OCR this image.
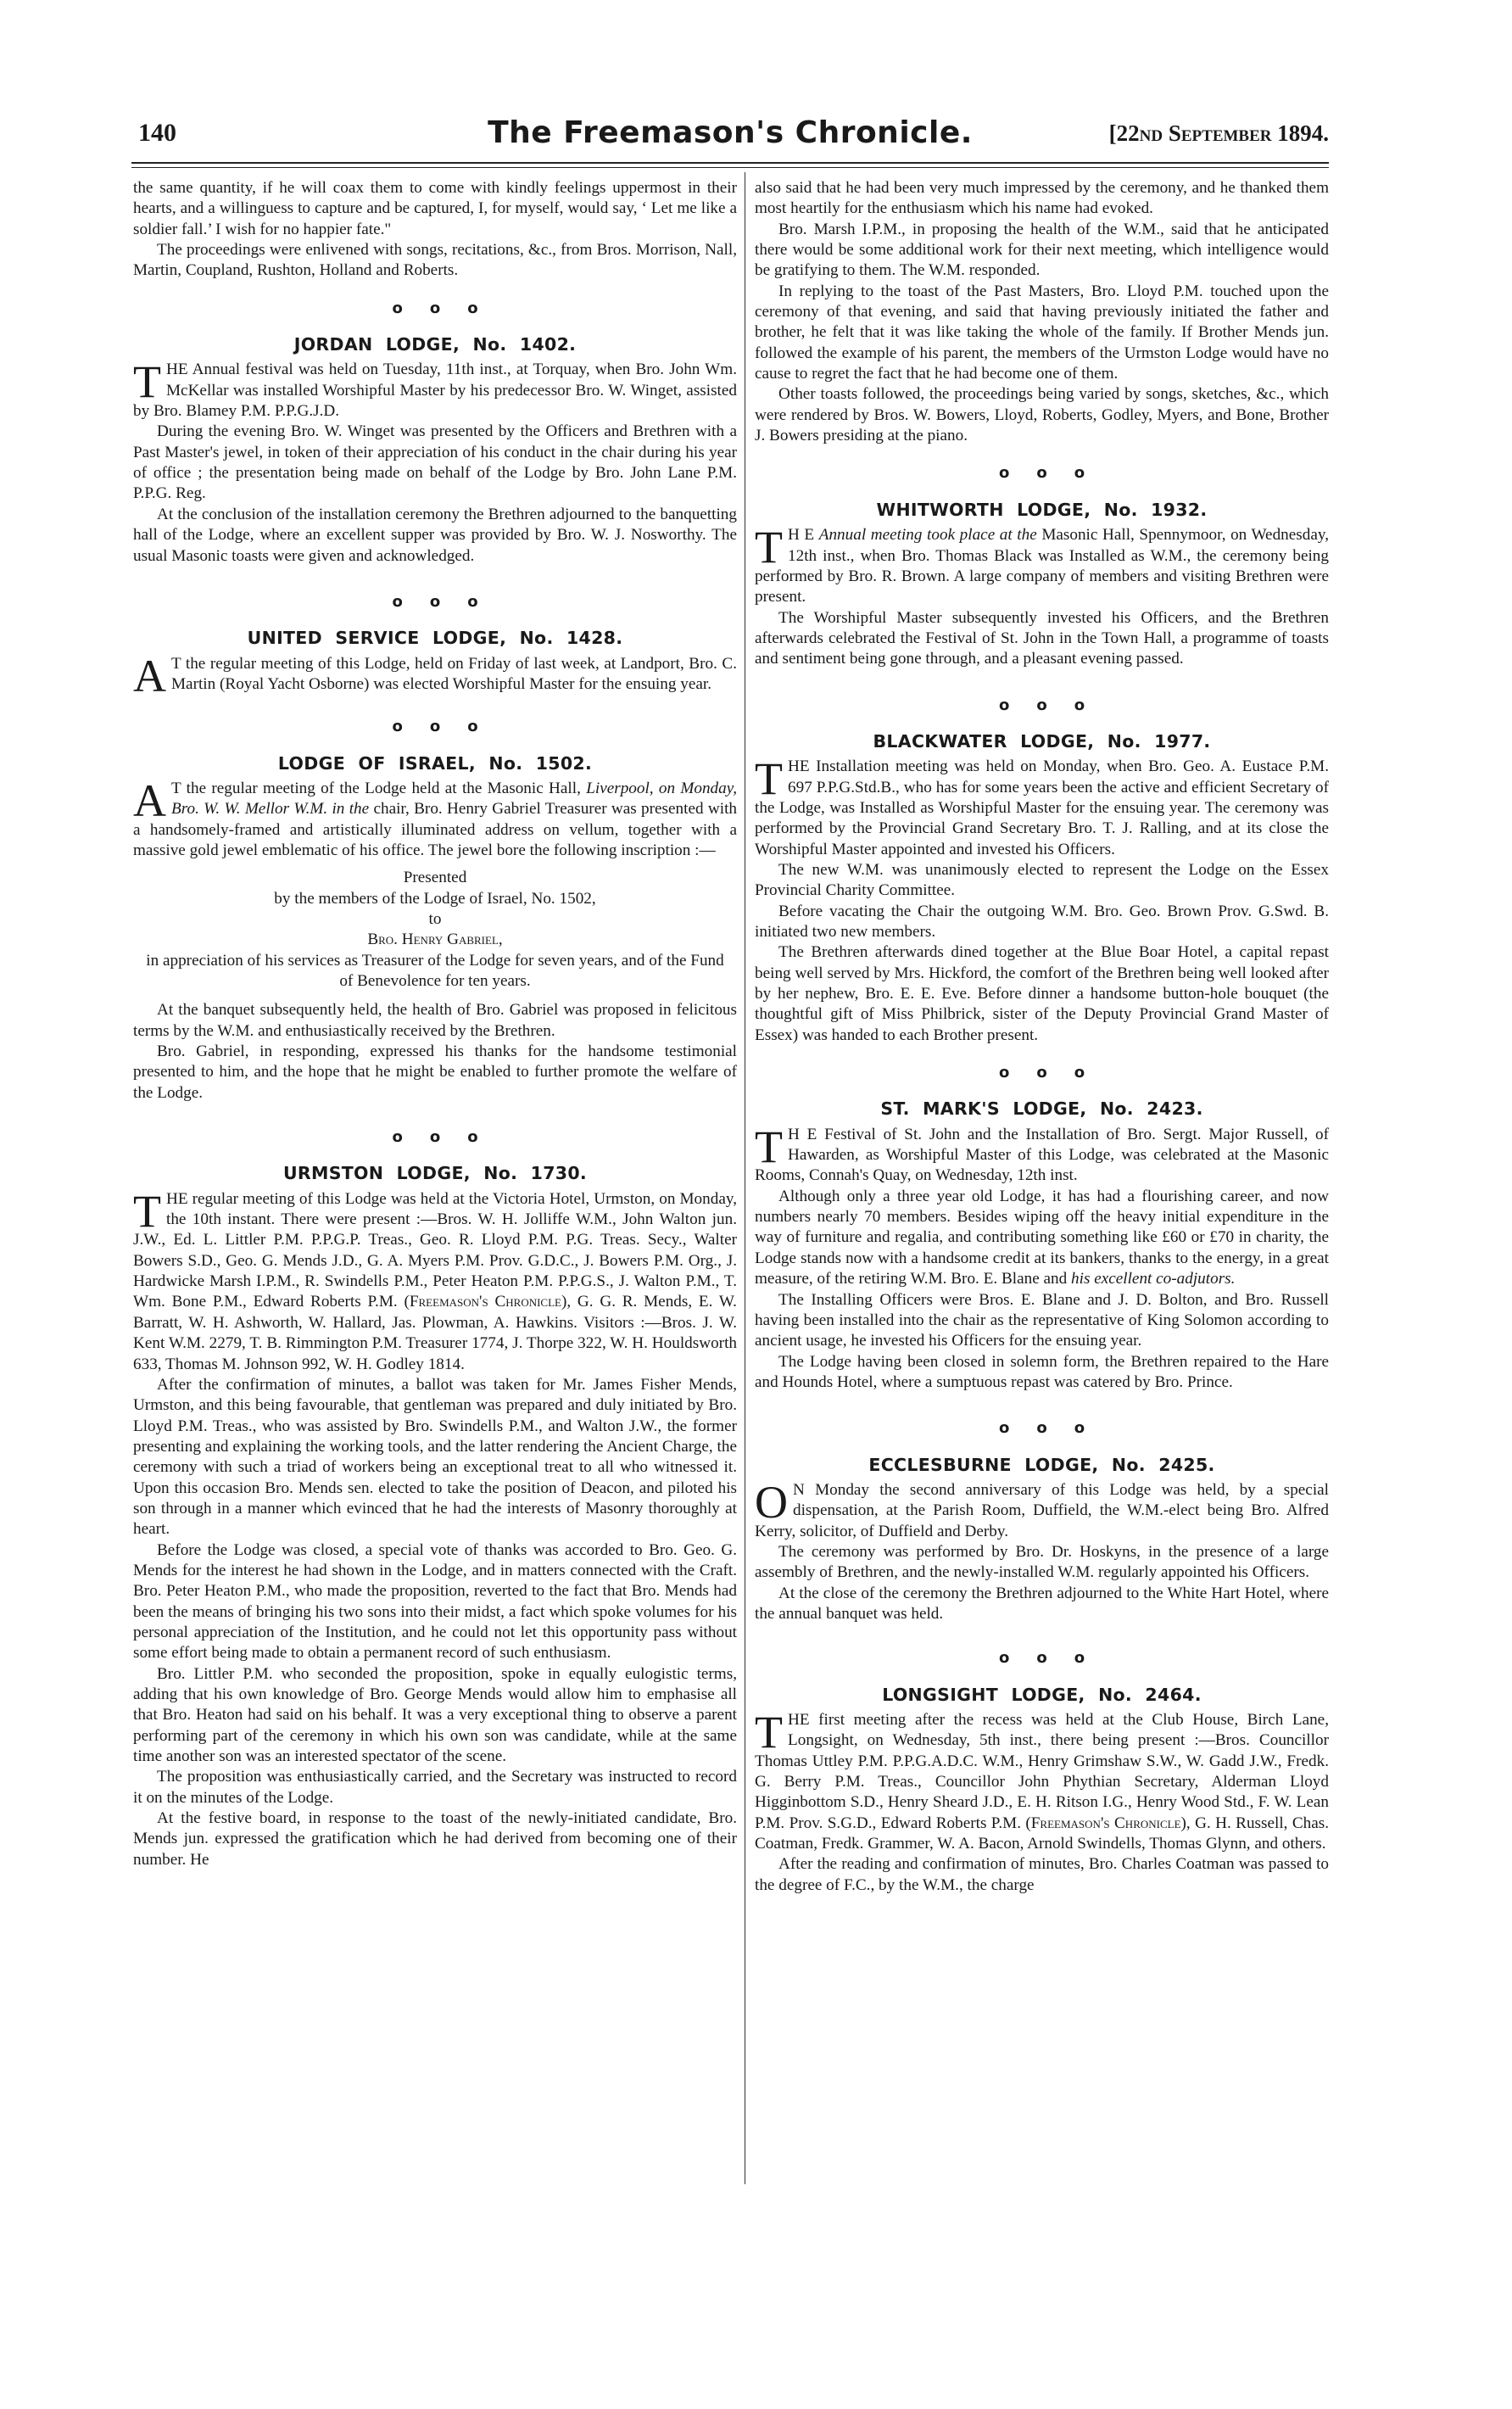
140	The Freemason's Chronicle.	[22nd September 1894.

the same quantity, if he will coax them to come with kindly feelings uppermost in their hearts, and a willinguess to capture and be captured, I, for myself, would say, ‘ Let me like a soldier fall.’ I wish for no happier fate."

The proceedings were enlivened with songs, recitations, &c., from Bros. Morrison, Nall, Martin, Coupland, Rushton, Holland and Roberts.

o o o
JORDAN LODGE, No. 1402.

THE Annual festival was held on Tuesday, 11th inst., at Torquay, when Bro. John Wm. McKellar was installed Worshipful Master by his predecessor Bro. W. Winget, assisted by Bro. Blamey P.M. P.P.G.J.D.

During the evening Bro. W. Winget was presented by the Officers and Brethren with a Past Master's jewel, in token of their appreciation of his conduct in the chair during his year of office ; the presentation being made on behalf of the Lodge by Bro. John Lane P.M. P.P.G. Reg.

At the conclusion of the installation ceremony the Brethren adjourned to the banquetting hall of the Lodge, where an excellent supper was provided by Bro. W. J. Nosworthy. The usual Masonic toasts were given and acknowledged.

o o o
UNITED SERVICE LODGE, No. 1428.

A T the regular meeting of this Lodge, held on Friday of last week, at Landport, Bro. C. Martin (Royal Yacht Osborne) was elected Worshipful Master for the ensuing year.

o o o
LODGE OF ISRAEL, No. 1502.

A T the regular meeting of the Lodge held at the Masonic Hall, Liverpool, on Monday, Bro. W. W. Mellor W.M. in the chair, Bro. Henry Gabriel Treasurer was presented with a handsomely-framed and artistically illuminated address on vellum, together with a massive gold jewel emblematic of his office. The jewel bore the following inscription :—

Presented

by the members of the Lodge of Israel, No. 1502,

to

Bro. Henry Gabriel,

in appreciation of his services as Treasurer of the Lodge for seven years, and of the Fund of Benevolence for ten years.

At the banquet subsequently held, the health of Bro. Gabriel was proposed in felicitous terms by the W.M. and enthusiastically received by the Brethren.

Bro. Gabriel, in responding, expressed his thanks for the handsome testimonial presented to him, and the hope that he might be enabled to further promote the welfare of the Lodge.

o o o
URMSTON LODGE, No. 1730.

THE regular meeting of this Lodge was held at the Victoria Hotel, Urmston, on Monday, the 10th instant. There were present :—Bros. W. H. Jolliffe W.M., John Walton jun. J.W., Ed. L. Littler P.M. P.P.G.P. Treas., Geo. R. Lloyd P.M. P.G. Treas. Secy., Walter Bowers S.D., Geo. G. Mends J.D., G. A. Myers P.M. Prov. G.D.C., J. Bowers P.M. Org., J. Hardwicke Marsh I.P.M., R. Swindells P.M., Peter Heaton P.M. P.P.G.S., J. Walton P.M., T. Wm. Bone P.M., Edward Roberts P.M. (Freemason's Chronicle), G. G. R. Mends, E. W. Barratt, W. H. Ashworth, W. Hallard, Jas. Plowman, A. Hawkins. Visitors :—Bros. J. W. Kent W.M. 2279, T. B. Rimmington P.M. Treasurer 1774, J. Thorpe 322, W. H. Houldsworth 633, Thomas M. Johnson 992, W. H. Godley 1814.

After the confirmation of minutes, a ballot was taken for Mr. James Fisher Mends, Urmston, and this being favourable, that gentleman was prepared and duly initiated by Bro. Lloyd P.M. Treas., who was assisted by Bro. Swindells P.M., and Walton J.W., the former presenting and explaining the working tools, and the latter rendering the Ancient Charge, the ceremony with such a triad of workers being an exceptional treat to all who witnessed it. Upon this occasion Bro. Mends sen. elected to take the position of Deacon, and piloted his son through in a manner which evinced that he had the interests of Masonry thoroughly at heart.

Before the Lodge was closed, a special vote of thanks was accorded to Bro. Geo. G. Mends for the interest he had shown in the Lodge, and in matters connected with the Craft. Bro. Peter Heaton P.M., who made the proposition, reverted to the fact that Bro. Mends had been the means of bringing his two sons into their midst, a fact which spoke volumes for his personal appreciation of the Institution, and he could not let this opportunity pass without some effort being made to obtain a permanent record of such enthusiasm.

Bro. Littler P.M. who seconded the proposition, spoke in equally eulogistic terms, adding that his own knowledge of Bro. George Mends would allow him to emphasise all that Bro. Heaton had said on his behalf. It was a very exceptional thing to observe a parent performing part of the ceremony in which his own son was candidate, while at the same time another son was an interested spectator of the scene.

The proposition was enthusiastically carried, and the Secretary was instructed to record it on the minutes of the Lodge.

At the festive board, in response to the toast of the newly-initiated candidate, Bro. Mends jun. expressed the gratification which he had derived from becoming one of their number. He

also said that he had been very much impressed by the ceremony, and he thanked them most heartily for the enthusiasm which his name had evoked.

Bro. Marsh I.P.M., in proposing the health of the W.M., said that he anticipated there would be some additional work for their next meeting, which intelligence would be gratifying to them. The W.M. responded.

In replying to the toast of the Past Masters, Bro. Lloyd P.M. touched upon the ceremony of that evening, and said that having previously initiated the father and brother, he felt that it was like taking the whole of the family. If Brother Mends jun. followed the example of his parent, the members of the Urmston Lodge would have no cause to regret the fact that he had become one of them.

Other toasts followed, the proceedings being varied by songs, sketches, &c., which were rendered by Bros. W. Bowers, Lloyd, Roberts, Godley, Myers, and Bone, Brother J. Bowers presiding at the piano.

o o o
WHITWORTH LODGE, No. 1932.

T H E Annual meeting took place at the Masonic Hall, Spennymoor, on Wednesday, 12th inst., when Bro. Thomas Black was Installed as W.M., the ceremony being performed by Bro. R. Brown. A large company of members and visiting Brethren were present.

The Worshipful Master subsequently invested his Officers, and the Brethren afterwards celebrated the Festival of St. John in the Town Hall, a programme of toasts and sentiment being gone through, and a pleasant evening passed.

o o o
BLACKWATER LODGE, No. 1977.

THE Installation meeting was held on Monday, when Bro. Geo. A. Eustace P.M. 697 P.P.G.Std.B., who has for some years been the active and efficient Secretary of the Lodge, was Installed as Worshipful Master for the ensuing year. The ceremony was performed by the Provincial Grand Secretary Bro. T. J. Ralling, and at its close the Worshipful Master appointed and invested his Officers.

The new W.M. was unanimously elected to represent the Lodge on the Essex Provincial Charity Committee.

Before vacating the Chair the outgoing W.M. Bro. Geo. Brown Prov. G.Swd. B. initiated two new members.

The Brethren afterwards dined together at the Blue Boar Hotel, a capital repast being well served by Mrs. Hickford, the comfort of the Brethren being well looked after by her nephew, Bro. E. E. Eve. Before dinner a handsome button-hole bouquet (the thoughtful gift of Miss Philbrick, sister of the Deputy Provincial Grand Master of Essex) was handed to each Brother present.

o o o
ST. MARK'S LODGE, No. 2423.

T H E Festival of St. John and the Installation of Bro. Sergt. Major Russell, of Hawarden, as Worshipful Master of this Lodge, was celebrated at the Masonic Rooms, Connah's Quay, on Wednesday, 12th inst.

Although only a three year old Lodge, it has had a flourishing career, and now numbers nearly 70 members. Besides wiping off the heavy initial expenditure in the way of furniture and regalia, and contributing something like £60 or £70 in charity, the Lodge stands now with a handsome credit at its bankers, thanks to the energy, in a great measure, of the retiring W.M. Bro. E. Blane and his excellent co-adjutors.

The Installing Officers were Bros. E. Blane and J. D. Bolton, and Bro. Russell having been installed into the chair as the representative of King Solomon according to ancient usage, he invested his Officers for the ensuing year.

The Lodge having been closed in solemn form, the Brethren repaired to the Hare and Hounds Hotel, where a sumptuous repast was catered by Bro. Prince.

o o o
ECCLESBURNE LODGE, No. 2425.

O N Monday the second anniversary of this Lodge was held, by a special dispensation, at the Parish Room, Duffield, the W.M.-elect being Bro. Alfred Kerry, solicitor, of Duffield and Derby.

The ceremony was performed by Bro. Dr. Hoskyns, in the presence of a large assembly of Brethren, and the newly-installed W.M. regularly appointed his Officers.

At the close of the ceremony the Brethren adjourned to the White Hart Hotel, where the annual banquet was held.

o o o
LONGSIGHT LODGE, No. 2464.

THE first meeting after the recess was held at the Club House, Birch Lane, Longsight, on Wednesday, 5th inst., there being present :—Bros. Councillor Thomas Uttley P.M. P.P.G.A.D.C. W.M., Henry Grimshaw S.W., W. Gadd J.W., Fredk. G. Berry P.M. Treas., Councillor John Phythian Secretary, Alderman Lloyd Higginbottom S.D., Henry Sheard J.D., E. H. Ritson I.G., Henry Wood Std., F. W. Lean P.M. Prov. S.G.D., Edward Roberts P.M. (Freemason's Chronicle), G. H. Russell, Chas. Coatman, Fredk. Grammer, W. A. Bacon, Arnold Swindells, Thomas Glynn, and others.

After the reading and confirmation of minutes, Bro. Charles Coatman was passed to the degree of F.C., by the W.M., the charge
